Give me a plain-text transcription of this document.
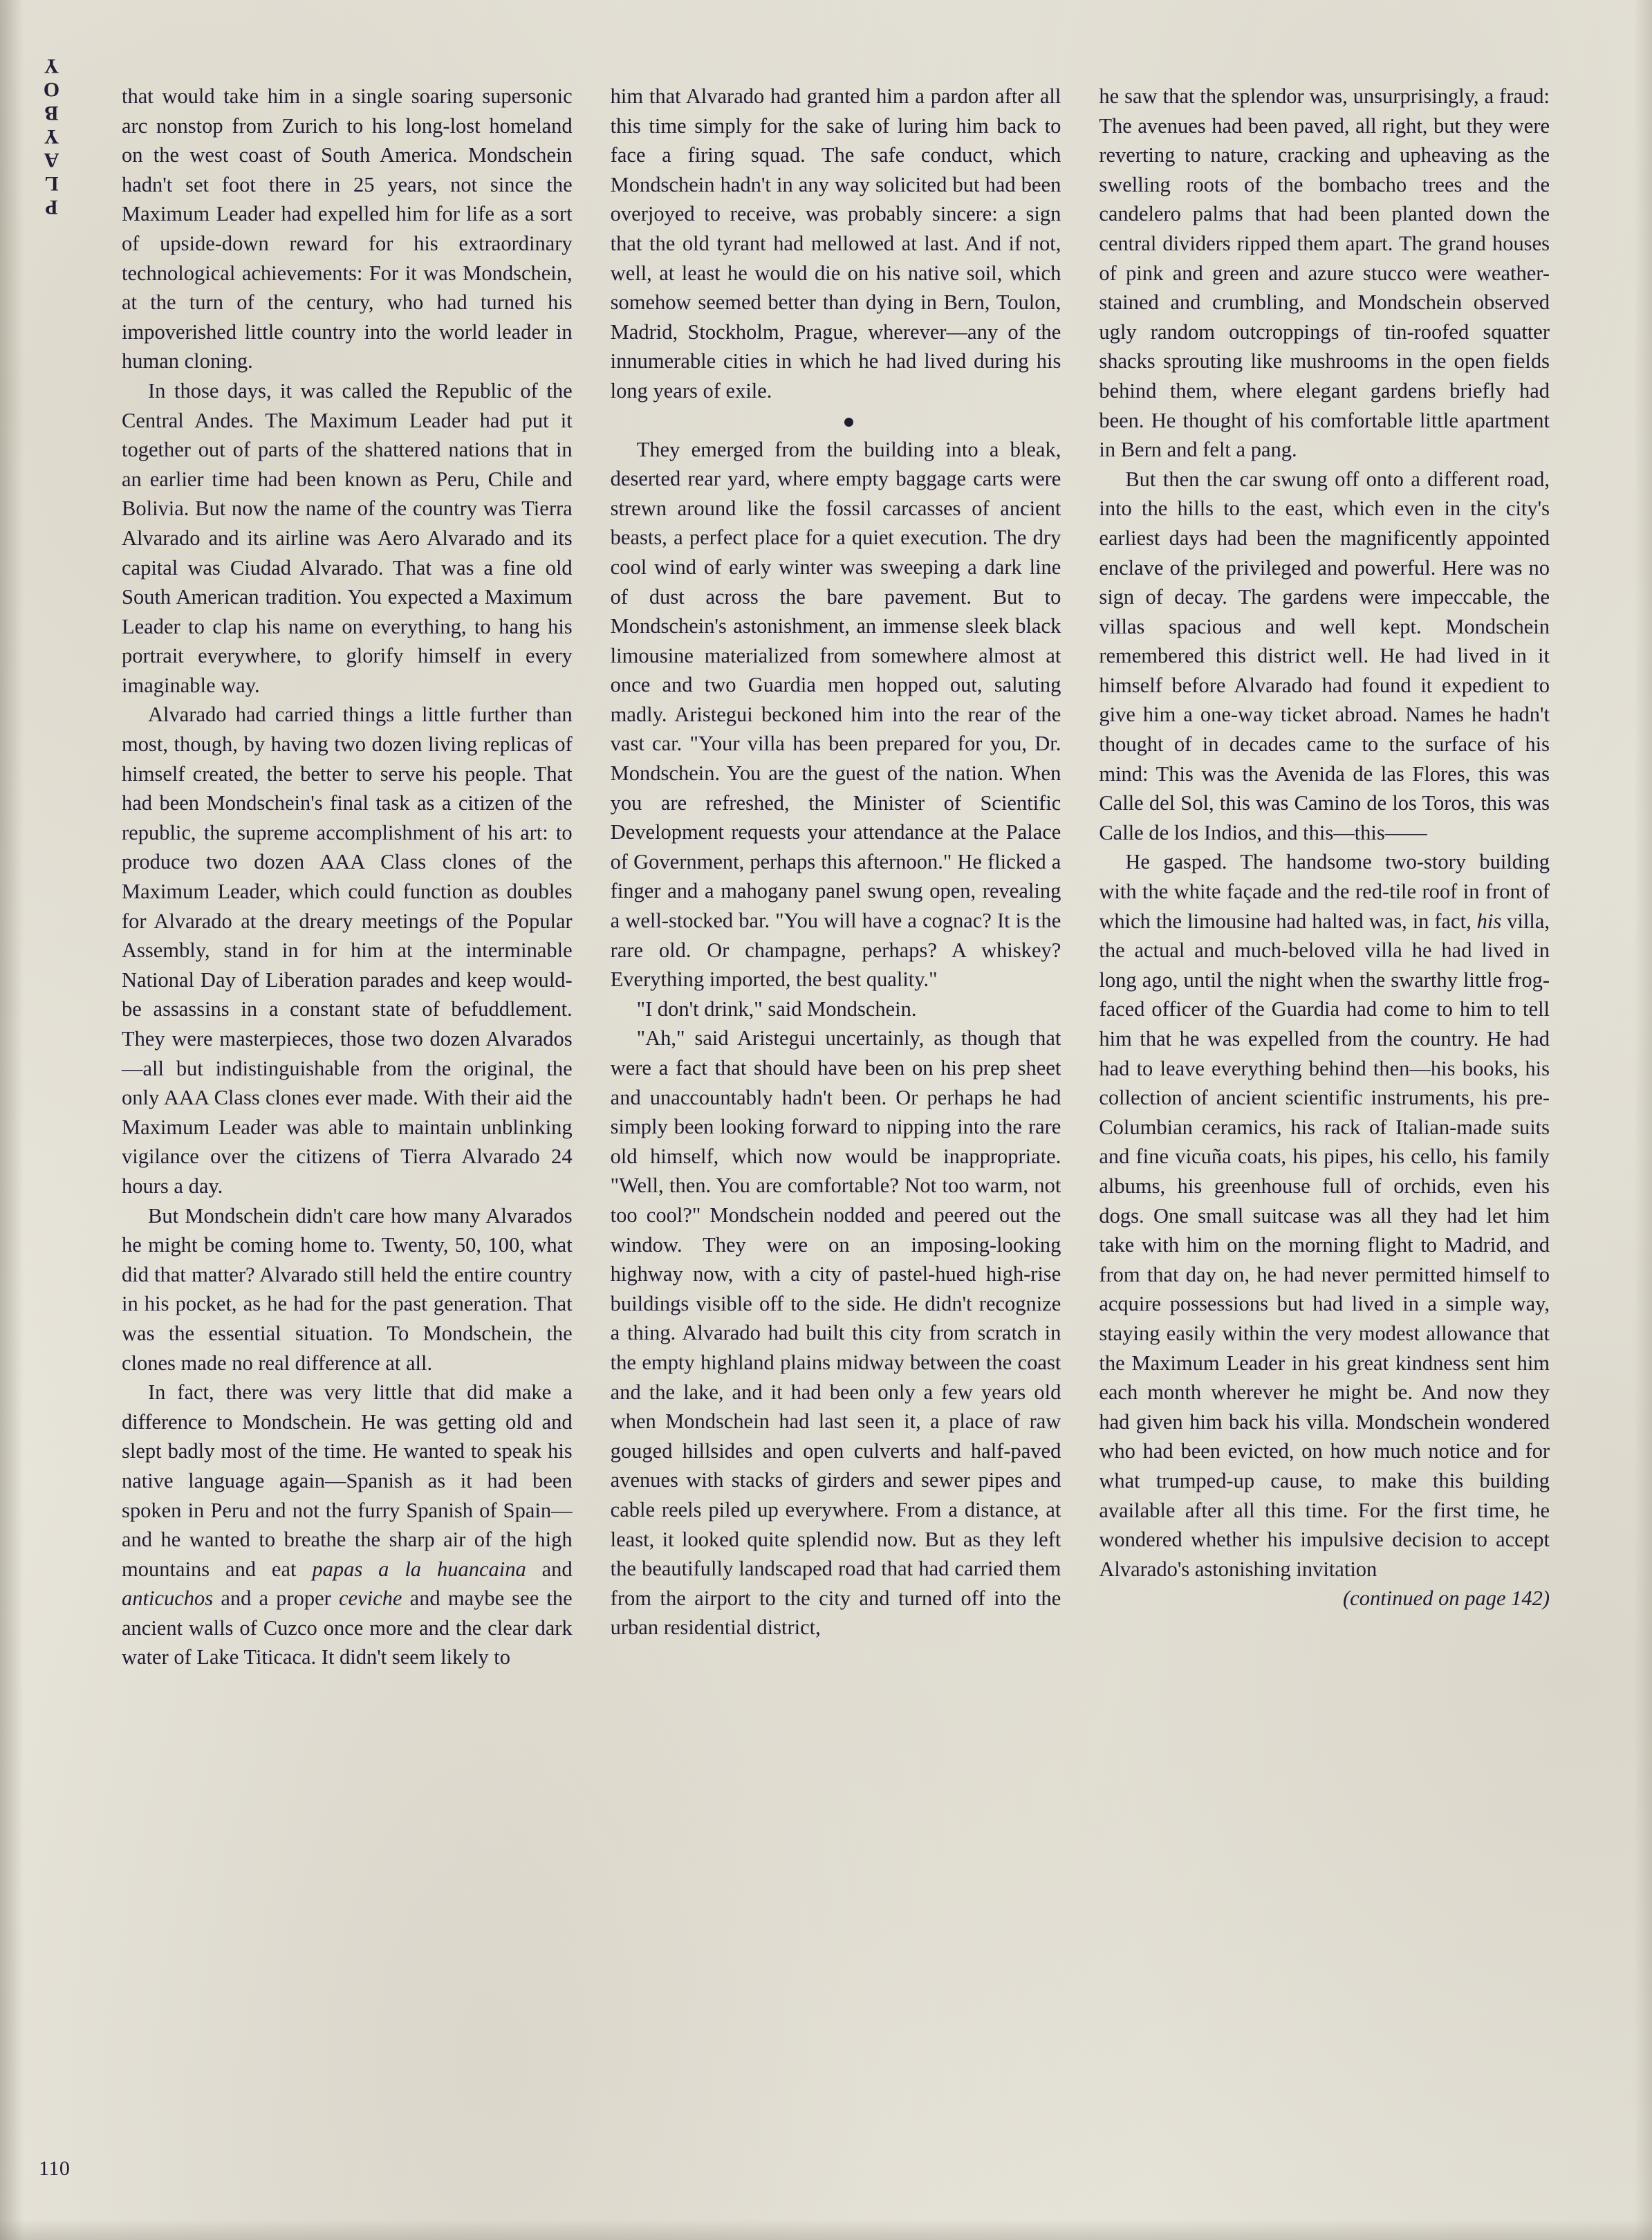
PLAYBOY
110

that would take him in a single soaring supersonic arc nonstop from Zurich to his long-lost homeland on the west coast of South America. Mondschein hadn't set foot there in 25 years, not since the Maximum Leader had expelled him for life as a sort of upside-down reward for his extraordinary technological achievements: For it was Mondschein, at the turn of the century, who had turned his impoverished little country into the world leader in human cloning.

In those days, it was called the Republic of the Central Andes. The Maximum Leader had put it together out of parts of the shattered nations that in an earlier time had been known as Peru, Chile and Bolivia. But now the name of the country was Tierra Alvarado and its airline was Aero Alvarado and its capital was Ciudad Alvarado. That was a fine old South American tradition. You expected a Maximum Leader to clap his name on everything, to hang his portrait everywhere, to glorify himself in every imaginable way.

Alvarado had carried things a little further than most, though, by having two dozen living replicas of himself created, the better to serve his people. That had been Mondschein's final task as a citizen of the republic, the supreme accomplishment of his art: to produce two dozen AAA Class clones of the Maximum Leader, which could function as doubles for Alvarado at the dreary meetings of the Popular Assembly, stand in for him at the interminable National Day of Liberation parades and keep would-be assassins in a constant state of befuddlement. They were masterpieces, those two dozen Alvarados—all but indistinguishable from the original, the only AAA Class clones ever made. With their aid the Maximum Leader was able to maintain unblinking vigilance over the citizens of Tierra Alvarado 24 hours a day.

But Mondschein didn't care how many Alvarados he might be coming home to. Twenty, 50, 100, what did that matter? Alvarado still held the entire country in his pocket, as he had for the past generation. That was the essential situation. To Mondschein, the clones made no real difference at all.

In fact, there was very little that did make a difference to Mondschein. He was getting old and slept badly most of the time. He wanted to speak his native language again—Spanish as it had been spoken in Peru and not the furry Spanish of Spain—and he wanted to breathe the sharp air of the high mountains and eat papas a la huancaina and anticuchos and a proper ceviche and maybe see the ancient walls of Cuzco once more and the clear dark water of Lake Titicaca. It didn't seem likely to

him that Alvarado had granted him a pardon after all this time simply for the sake of luring him back to face a firing squad. The safe conduct, which Mondschein hadn't in any way solicited but had been overjoyed to receive, was probably sincere: a sign that the old tyrant had mellowed at last. And if not, well, at least he would die on his native soil, which somehow seemed better than dying in Bern, Toulon, Madrid, Stockholm, Prague, wherever—any of the innumerable cities in which he had lived during his long years of exile.

They emerged from the building into a bleak, deserted rear yard, where empty baggage carts were strewn around like the fossil carcasses of ancient beasts, a perfect place for a quiet execution. The dry cool wind of early winter was sweeping a dark line of dust across the bare pavement. But to Mondschein's astonishment, an immense sleek black limousine materialized from somewhere almost at once and two Guardia men hopped out, saluting madly. Aristegui beckoned him into the rear of the vast car. "Your villa has been prepared for you, Dr. Mondschein. You are the guest of the nation. When you are refreshed, the Minister of Scientific Development requests your attendance at the Palace of Government, perhaps this afternoon." He flicked a finger and a mahogany panel swung open, revealing a well-stocked bar. "You will have a cognac? It is the rare old. Or champagne, perhaps? A whiskey? Everything imported, the best quality."

"I don't drink," said Mondschein.

"Ah," said Aristegui uncertainly, as though that were a fact that should have been on his prep sheet and unaccountably hadn't been. Or perhaps he had simply been looking forward to nipping into the rare old himself, which now would be inappropriate. "Well, then. You are comfortable? Not too warm, not too cool?" Mondschein nodded and peered out the window. They were on an imposing-looking highway now, with a city of pastel-hued high-rise buildings visible off to the side. He didn't recognize a thing. Alvarado had built this city from scratch in the empty highland plains midway between the coast and the lake, and it had been only a few years old when Mondschein had last seen it, a place of raw gouged hillsides and open culverts and half-paved avenues with stacks of girders and sewer pipes and cable reels piled up everywhere. From a distance, at least, it looked quite splendid now. But as they left the beautifully landscaped road that had carried them from the airport to the city and turned off into the urban residential district,

he saw that the splendor was, unsurprisingly, a fraud: The avenues had been paved, all right, but they were reverting to nature, cracking and upheaving as the swelling roots of the bombacho trees and the candelero palms that had been planted down the central dividers ripped them apart. The grand houses of pink and green and azure stucco were weather-stained and crumbling, and Mondschein observed ugly random outcroppings of tin-roofed squatter shacks sprouting like mushrooms in the open fields behind them, where elegant gardens briefly had been. He thought of his comfortable little apartment in Bern and felt a pang.

But then the car swung off onto a different road, into the hills to the east, which even in the city's earliest days had been the magnificently appointed enclave of the privileged and powerful. Here was no sign of decay. The gardens were impeccable, the villas spacious and well kept. Mondschein remembered this district well. He had lived in it himself before Alvarado had found it expedient to give him a one-way ticket abroad. Names he hadn't thought of in decades came to the surface of his mind: This was the Avenida de las Flores, this was Calle del Sol, this was Camino de los Toros, this was Calle de los Indios, and this—this——

He gasped. The handsome two-story building with the white façade and the red-tile roof in front of which the limousine had halted was, in fact, his villa, the actual and much-beloved villa he had lived in long ago, until the night when the swarthy little frog-faced officer of the Guardia had come to him to tell him that he was expelled from the country. He had had to leave everything behind then—his books, his collection of ancient scientific instruments, his pre-Columbian ceramics, his rack of Italian-made suits and fine vicuña coats, his pipes, his cello, his family albums, his greenhouse full of orchids, even his dogs. One small suitcase was all they had let him take with him on the morning flight to Madrid, and from that day on, he had never permitted himself to acquire possessions but had lived in a simple way, staying easily within the very modest allowance that the Maximum Leader in his great kindness sent him each month wherever he might be. And now they had given him back his villa. Mondschein wondered who had been evicted, on how much notice and for what trumped-up cause, to make this building available after all this time. For the first time, he wondered whether his impulsive decision to accept Alvarado's astonishing invitation

(continued on page 142)
